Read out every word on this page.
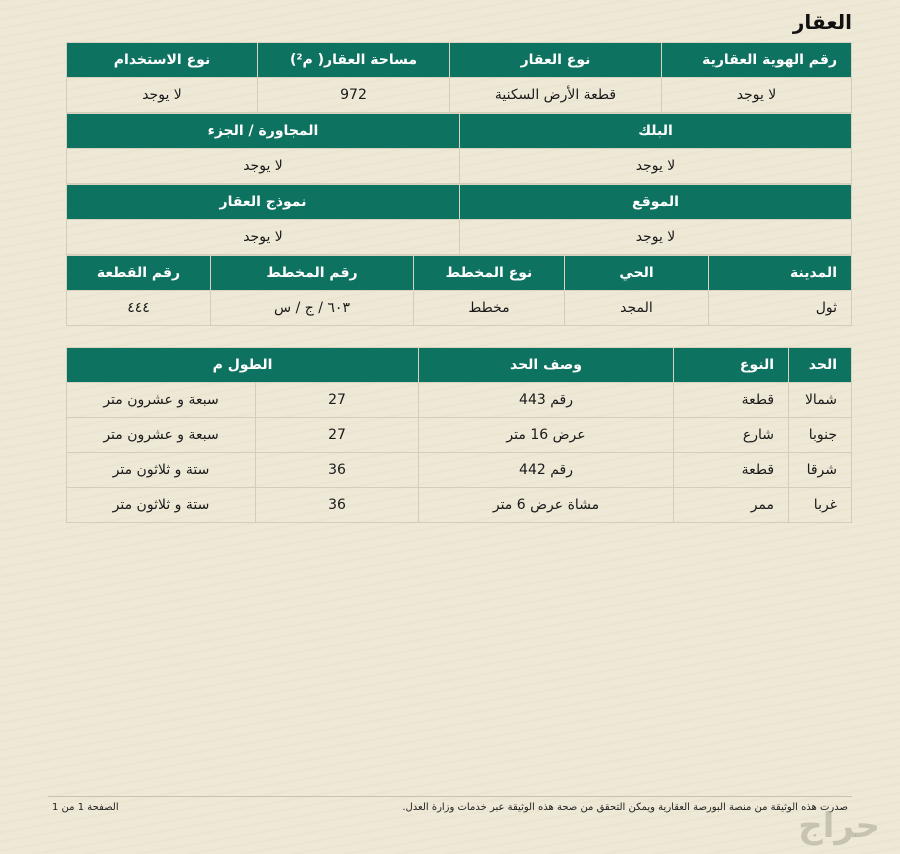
العقار
رقم الهوية العقارية	نوع العقار	مساحة العقار( م²)	نوع الاستخدام
لا يوجد	قطعة الأرض السكنية	972	لا يوجد
البلك	المجاورة / الجزء
لا يوجد	لا يوجد
الموقع	نموذج العقار
لا يوجد	لا يوجد
المدينة	الحي	نوع المخطط	رقم المخطط	رقم القطعة
ثول	المجد	مخطط	٦٠٣ / ج / س	٤٤٤
الحد	النوع	وصف الحد	الطول م	
شمالا	قطعة	رقم 443	27	سبعة و عشرون متر
جنوبا	شارع	عرض 16 متر	27	سبعة و عشرون متر
شرقا	قطعة	رقم 442	36	ستة و ثلاثون متر
غربا	ممر	مشاة عرض 6 متر	36	ستة و ثلاثون متر
الصفحة 1 من 1	صدرت هذه الوثيقة من منصة البورصة العقارية ويمكن التحقق من صحة هذه الوثيقة عبر خدمات وزارة العدل.
حراج
